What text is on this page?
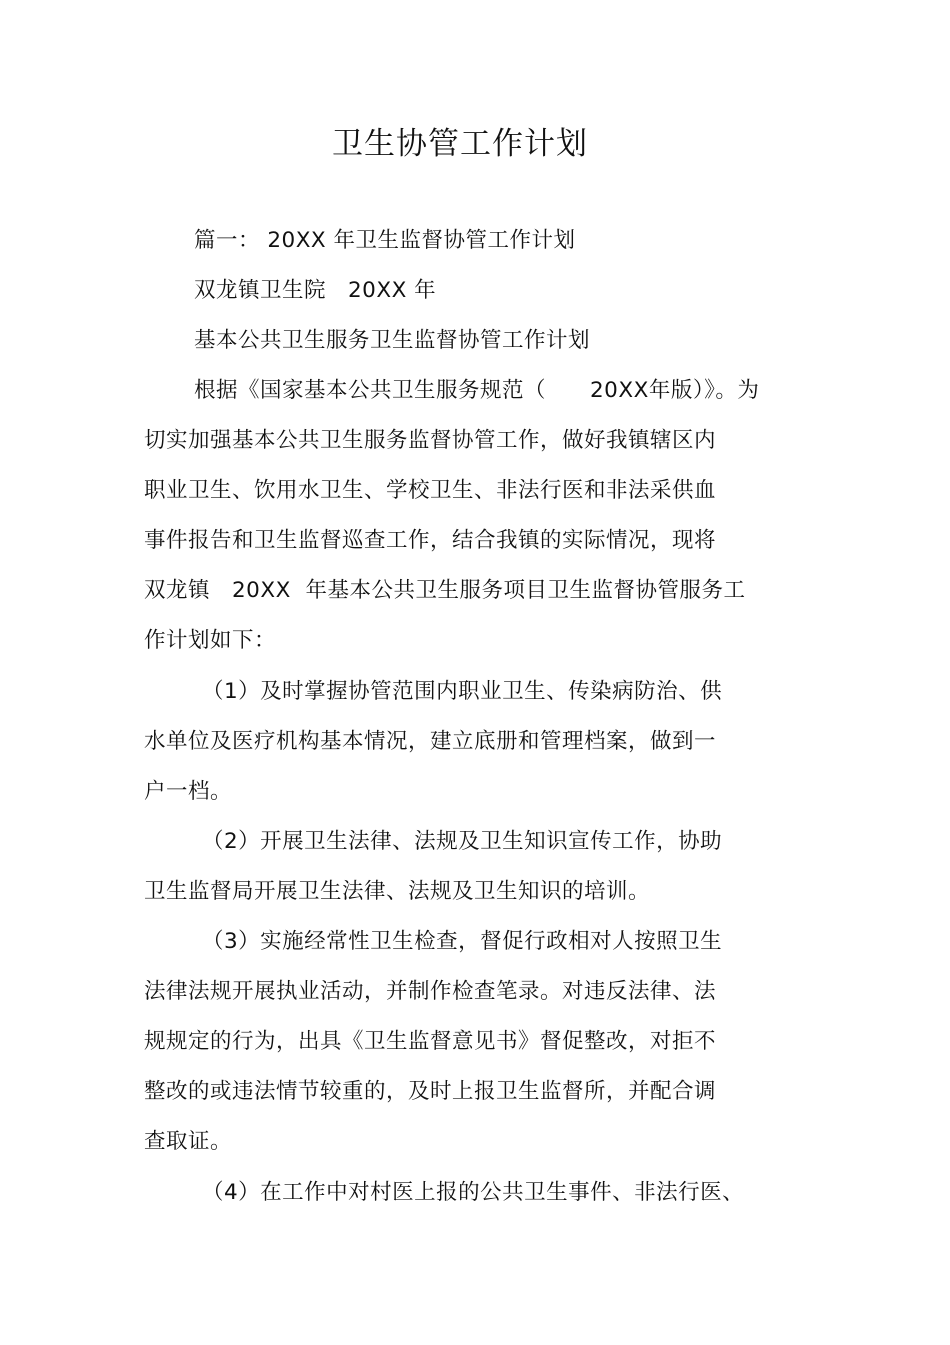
卫生协管工作计划

篇一： 20XX 年卫生监督协管工作计划

双龙镇卫生院   20XX 年

基本公共卫生服务卫生监督协管工作计划

根据《国家基本公共卫生服务规范（      20XX年版）》。为

切实加强基本公共卫生服务监督协管工作，做好我镇辖区内

职业卫生、饮用水卫生、学校卫生、非法行医和非法采供血

事件报告和卫生监督巡查工作，结合我镇的实际情况，现将

双龙镇   20XX  年基本公共卫生服务项目卫生监督协管服务工

作计划如下：

（1）及时掌握协管范围内职业卫生、传染病防治、供

水单位及医疗机构基本情况，建立底册和管理档案，做到一

户一档。

（2）开展卫生法律、法规及卫生知识宣传工作，协助

卫生监督局开展卫生法律、法规及卫生知识的培训。

（3）实施经常性卫生检查，督促行政相对人按照卫生

法律法规开展执业活动，并制作检查笔录。对违反法律、法

规规定的行为，出具《卫生监督意见书》督促整改，对拒不

整改的或违法情节较重的，及时上报卫生监督所，并配合调

查取证。

（4）在工作中对村医上报的公共卫生事件、非法行医、
